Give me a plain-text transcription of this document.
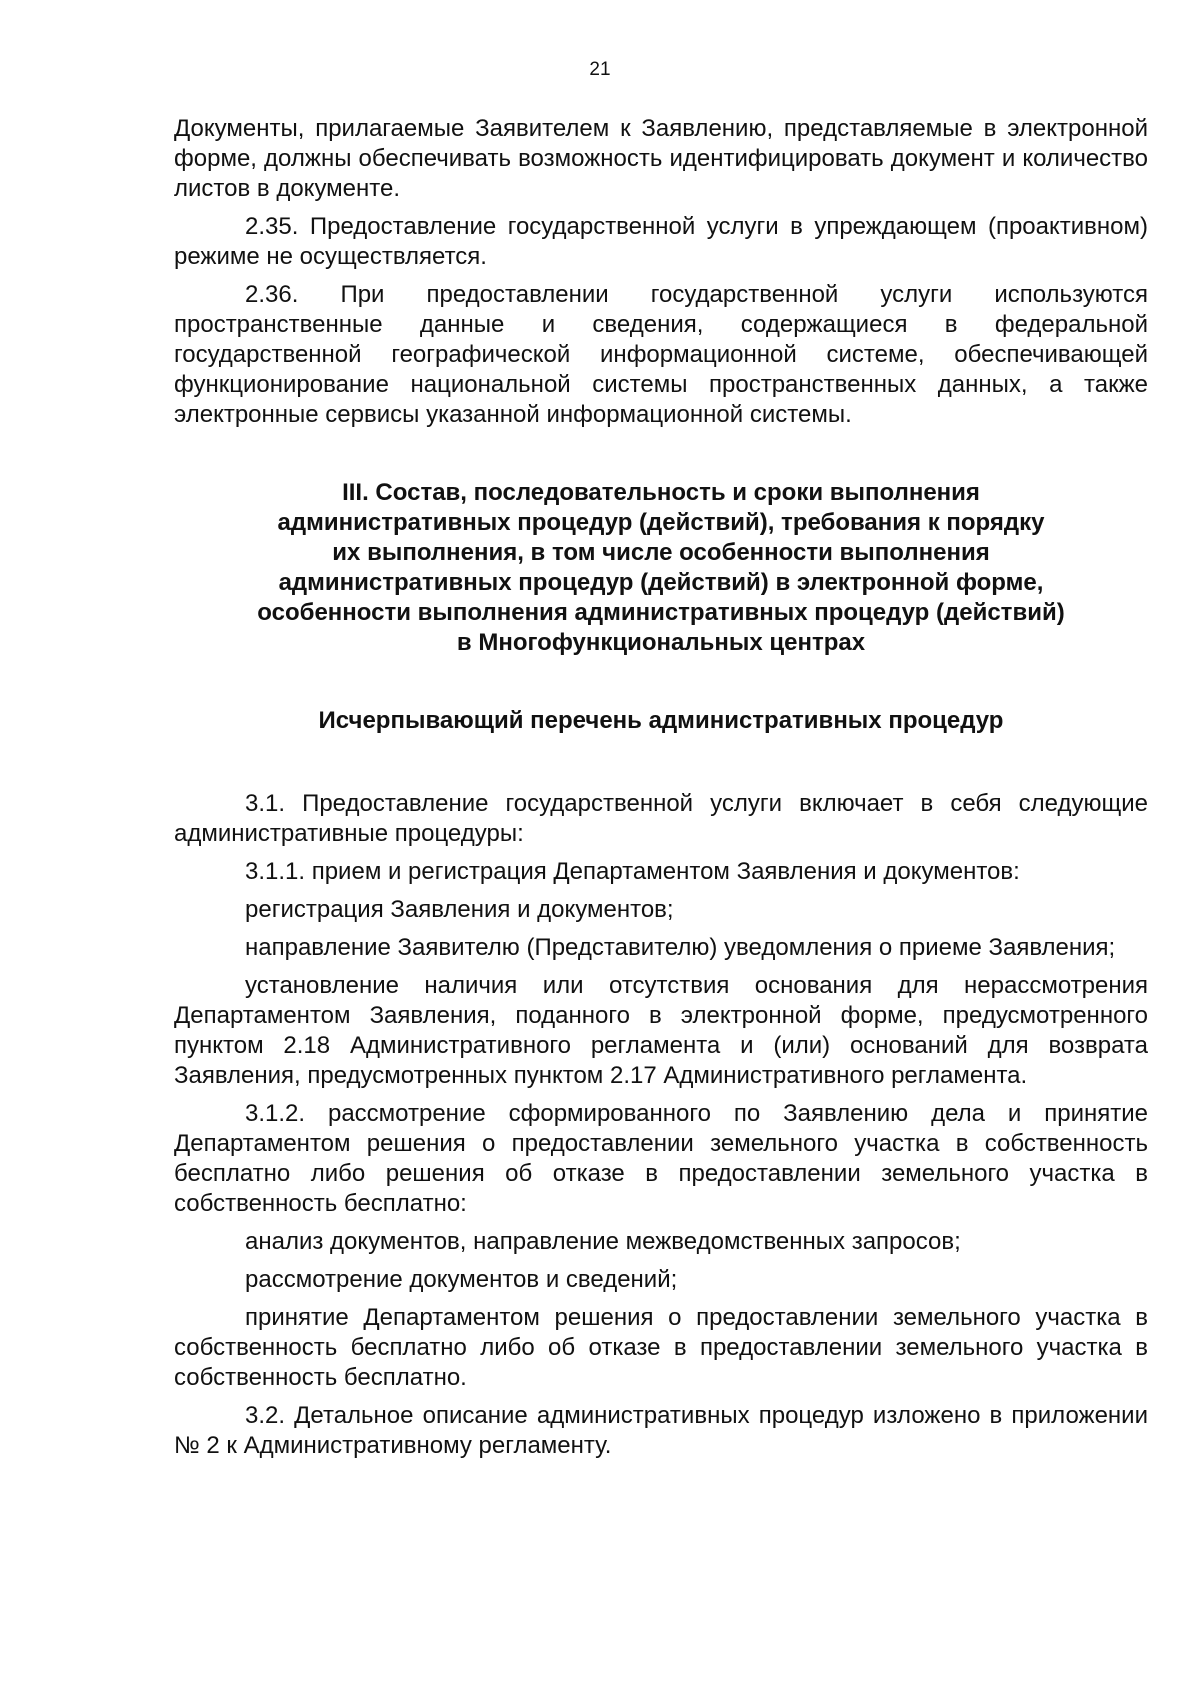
21

Документы, прилагаемые Заявителем к Заявлению, представляемые в электронной форме, должны обеспечивать возможность идентифицировать документ и количество листов в документе.

2.35. Предоставление государственной услуги в упреждающем (проактивном) режиме не осуществляется.

2.36. При предоставлении государственной услуги используются пространственные данные и сведения, содержащиеся в федеральной государственной географической информационной системе, обеспечивающей функционирование национальной системы пространственных данных, а также электронные сервисы указанной информационной системы.

III. Состав, последовательность и сроки выполнения
административных процедур (действий), требования к порядку
их выполнения, в том числе особенности выполнения
административных процедур (действий) в электронной форме,
особенности выполнения административных процедур (действий)
в Многофункциональных центрах
Исчерпывающий перечень административных процедур

3.1. Предоставление государственной услуги включает в себя следующие административные процедуры:

3.1.1. прием и регистрация Департаментом Заявления и документов:

регистрация Заявления и документов;

направление Заявителю (Представителю) уведомления о приеме Заявления;

установление наличия или отсутствия основания для нерассмотрения Департаментом Заявления, поданного в электронной форме, предусмотренного пунктом 2.18 Административного регламента и (или) оснований для возврата Заявления, предусмотренных пунктом 2.17 Административного регламента.

3.1.2. рассмотрение сформированного по Заявлению дела и принятие Департаментом решения о предоставлении земельного участка в собственность бесплатно либо решения об отказе в предоставлении земельного участка в собственность бесплатно:

анализ документов, направление межведомственных запросов;

рассмотрение документов и сведений;

принятие Департаментом решения о предоставлении земельного участка в собственность бесплатно либо об отказе в предоставлении земельного участка в собственность бесплатно.

3.2. Детальное описание административных процедур изложено в приложении № 2 к Административному регламенту.
